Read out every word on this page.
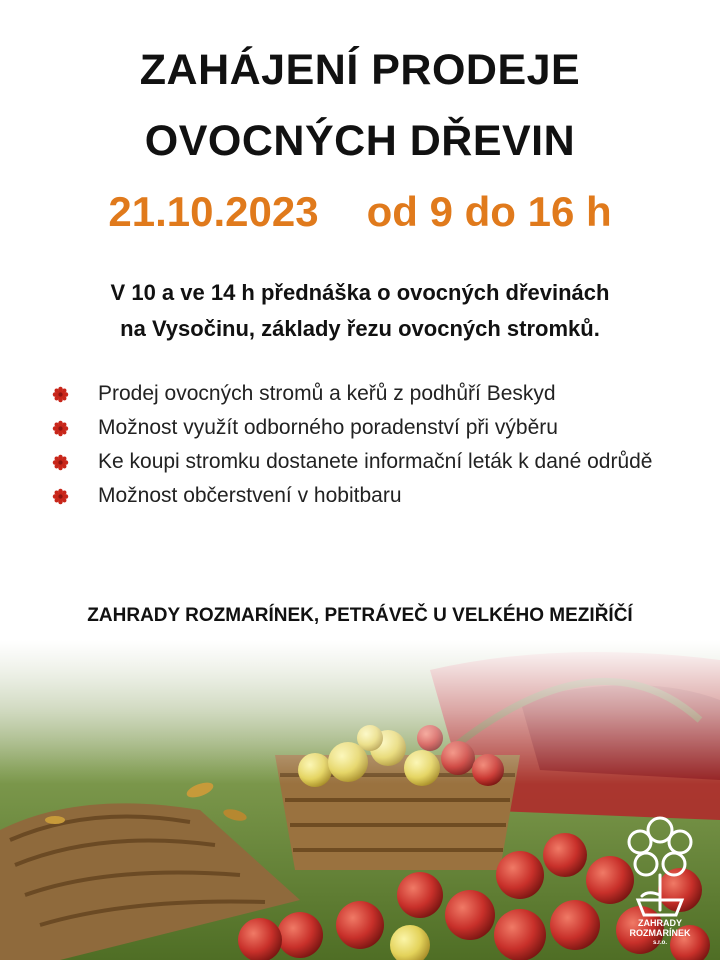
ZAHÁJENÍ PRODEJE
OVOCNÝCH DŘEVIN
21.10.2023 od 9 do 16 h
V 10 a ve 14 h přednáška o ovocných dřevinách
na Vysočinu, základy řezu ovocných stromků.
Prodej ovocných stromů a keřů z podhůří Beskyd
Možnost využít odborného poradenství při výběru
Ke koupi stromku dostanete informační leták k dané odrůdě
Možnost občerstvení v hobitbaru
ZAHRADY ROZMARÍNEK, PETRÁVEČ U VELKÉHO MEZIŘÍČÍ
ZAHRADY
ROZMARÍNEK
s.r.o.
